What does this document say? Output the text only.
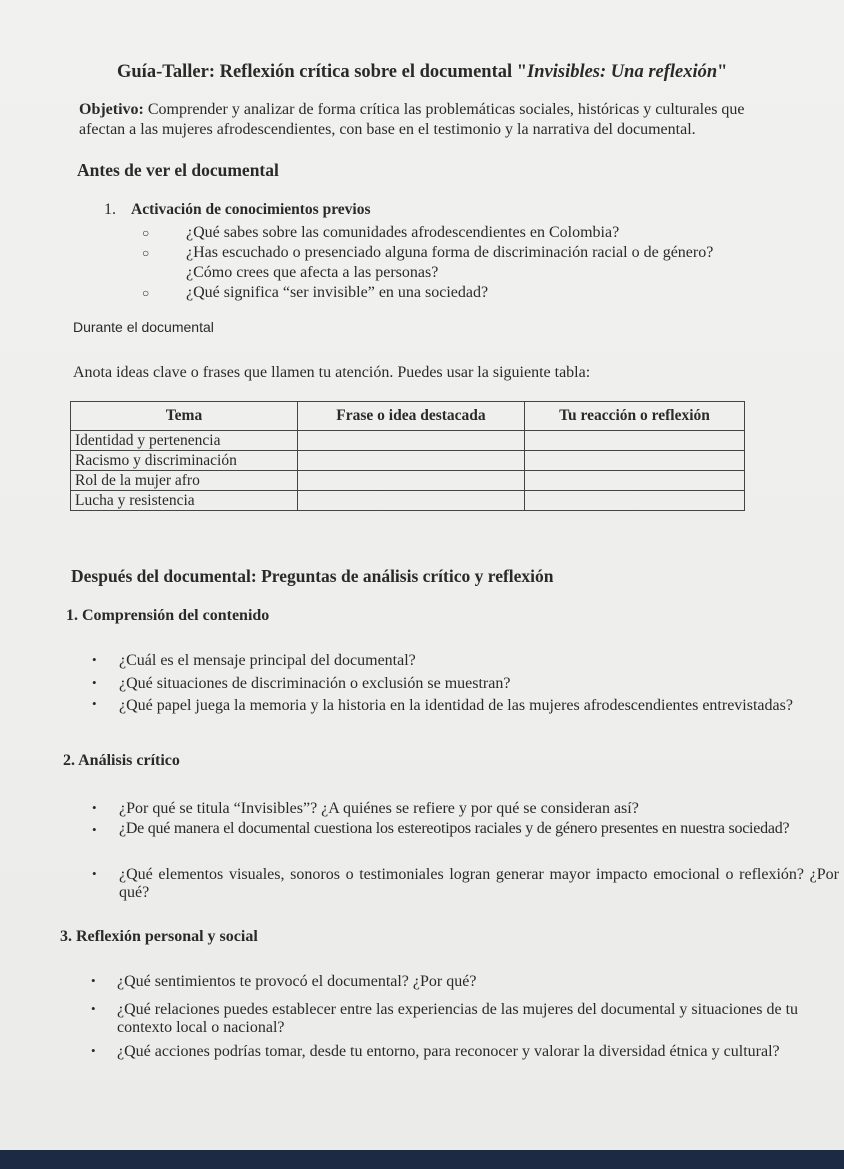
Guía-Taller: Reflexión crítica sobre el documental "Invisibles: Una reflexión"
Objetivo: Comprender y analizar de forma crítica las problemáticas sociales, históricas y culturales que
afectan a las mujeres afrodescendientes, con base en el testimonio y la narrativa del documental.
Antes de ver el documental
1. Activación de conocimientos previos
○ ¿Qué sabes sobre las comunidades afrodescendientes en Colombia?
○ ¿Has escuchado o presenciado alguna forma de discriminación racial o de género?
¿Cómo crees que afecta a las personas?
○ ¿Qué significa “ser invisible” en una sociedad?
Durante el documental
Anota ideas clave o frases que llamen tu atención. Puedes usar la siguiente tabla:
Tema	Frase o idea destacada	Tu reacción o reflexión
Identidad y pertenencia		
Racismo y discriminación		
Rol de la mujer afro		
Lucha y resistencia		
Después del documental: Preguntas de análisis crítico y reflexión
1. Comprensión del contenido
• ¿Cuál es el mensaje principal del documental?
• ¿Qué situaciones de discriminación o exclusión se muestran?
• ¿Qué papel juega la memoria y la historia en la identidad de las mujeres afrodescendientes entrevistadas?
2. Análisis crítico
• ¿Por qué se titula “Invisibles”? ¿A quiénes se refiere y por qué se consideran así?
• ¿De qué manera el documental cuestiona los estereotipos raciales y de género presentes en nuestra sociedad?
• ¿Qué elementos visuales, sonoros o testimoniales logran generar mayor impacto emocional o reflexión? ¿Por qué?
3. Reflexión personal y social
• ¿Qué sentimientos te provocó el documental? ¿Por qué?
• ¿Qué relaciones puedes establecer entre las experiencias de las mujeres del documental y situaciones de tu contexto local o nacional?
• ¿Qué acciones podrías tomar, desde tu entorno, para reconocer y valorar la diversidad étnica y cultural?
